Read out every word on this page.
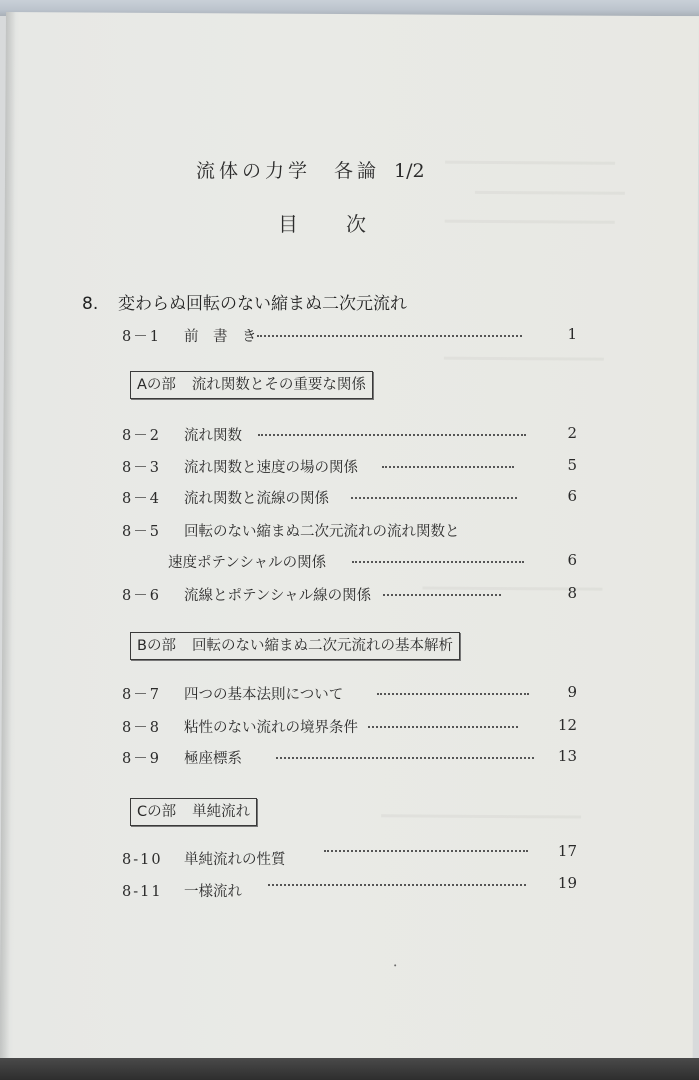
流体の力学　各論 1/2
目次
8. 変わらぬ回転のない縮まぬ二次元流れ
8－1	前　書　き	1
Aの部 流れ関数とその重要な関係
8－2	流れ関数	2
8－3	流れ関数と速度の場の関係	5
8－4	流れ関数と流線の関係	6
8－5	回転のない縮まぬ二次元流れの流れ関数と
速度ポテンシャルの関係	6
8－6	流線とポテンシャル線の関係	8
Bの部 回転のない縮まぬ二次元流れの基本解析
8－7	四つの基本法則について	9
8－8	粘性のない流れの境界条件	12
8－9	極座標系	13
Cの部 単純流れ
8-10	単純流れの性質	17
8-11	一様流れ	19
